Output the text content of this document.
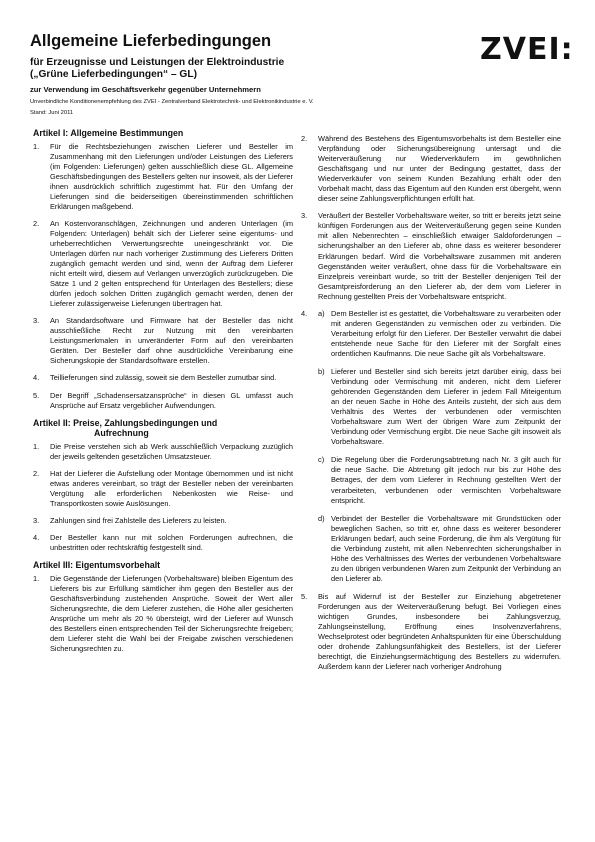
Allgemeine Lieferbedingungen

für Erzeugnisse und Leistungen der Elektroindustrie

(„Grüne Lieferbedingungen“ – GL)

zur Verwendung im Geschäftsverkehr gegenüber Unternehmern

Unverbindliche Konditionenempfehlung des ZVEI - Zentralverband Elektrotechnik- und Elektronikindustrie e. V.

Stand: Juni 2011

ZVEI:

Artikel I: Allgemeine Bestimmungen

1.	Für die Rechtsbeziehungen zwischen Lieferer und Besteller im Zusammenhang mit den Lieferungen und/oder Leistungen des Lieferers (im Folgenden: Lieferungen) gelten ausschließlich diese GL. Allgemeine Geschäftsbedingungen des Bestellers gelten nur insoweit, als der Lieferer ihnen ausdrücklich schriftlich zugestimmt hat. Für den Umfang der Lieferungen sind die beiderseitigen übereinstimmenden schriftlichen Erklärungen maßgebend.
2.	An Kostenvoranschlägen, Zeichnungen und anderen Unterlagen (im Folgenden: Unterlagen) behält sich der Lieferer seine eigentums- und urheberrechtlichen Verwertungsrechte uneingeschränkt vor. Die Unterlagen dürfen nur nach vorheriger Zustimmung des Lieferers Dritten zugänglich gemacht werden und sind, wenn der Auftrag dem Lieferer nicht erteilt wird, diesem auf Verlangen unverzüglich zurückzugeben. Die Sätze 1 und 2 gelten entsprechend für Unterlagen des Bestellers; diese dürfen jedoch solchen Dritten zugänglich gemacht werden, denen der Lieferer zulässigerweise Lieferungen übertragen hat.
3.	An Standardsoftware und Firmware hat der Besteller das nicht ausschließliche Recht zur Nutzung mit den vereinbarten Leistungsmerkmalen in unveränderter Form auf den vereinbarten Geräten. Der Besteller darf ohne ausdrückliche Vereinbarung eine Sicherungskopie der Standardsoftware erstellen.
4.	Teillieferungen sind zulässig, soweit sie dem Besteller zumutbar sind.
5.	Der Begriff „Schadensersatzansprüche“ in diesen GL umfasst auch Ansprüche auf Ersatz vergeblicher Aufwendungen.

Artikel II: Preise, Zahlungsbedingungen und
Aufrechnung

1.	Die Preise verstehen sich ab Werk ausschließlich Verpackung zuzüglich der jeweils geltenden gesetzlichen Umsatzsteuer.
2.	Hat der Lieferer die Aufstellung oder Montage übernommen und ist nicht etwas anderes vereinbart, so trägt der Besteller neben der vereinbarten Vergütung alle erforderlichen Nebenkosten wie Reise- und Transportkosten sowie Auslösungen.
3.	Zahlungen sind frei Zahlstelle des Lieferers zu leisten.
4.	Der Besteller kann nur mit solchen Forderungen aufrechnen, die unbestritten oder rechtskräftig festgestellt sind.

Artikel III: Eigentumsvorbehalt

1.	Die Gegenstände der Lieferungen (Vorbehaltsware) bleiben Eigentum des Lieferers bis zur Erfüllung sämtlicher ihm gegen den Besteller aus der Geschäftsverbindung zustehenden Ansprüche. Soweit der Wert aller Sicherungsrechte, die dem Lieferer zustehen, die Höhe aller gesicherten Ansprüche um mehr als 20 % übersteigt, wird der Lieferer auf Wunsch des Bestellers einen entsprechenden Teil der Sicherungsrechte freigeben; dem Lieferer steht die Wahl bei der Freigabe zwischen verschiedenen Sicherungsrechten zu.
2.	Während des Bestehens des Eigentumsvorbehalts ist dem Besteller eine Verpfändung oder Sicherungsübereignung untersagt und die Weiterveräußerung nur Wiederverkäufern im gewöhnlichen Geschäftsgang und nur unter der Bedingung gestattet, dass der Wiederverkäufer von seinem Kunden Bezahlung erhält oder den Vorbehalt macht, dass das Eigentum auf den Kunden erst übergeht, wenn dieser seine Zahlungsverpflichtungen erfüllt hat.
3.	Veräußert der Besteller Vorbehaltsware weiter, so tritt er bereits jetzt seine künftigen Forderungen aus der Weiterveräußerung gegen seine Kunden mit allen Nebenrechten – einschließlich etwaiger Saldoforderungen – sicherungshalber an den Lieferer ab, ohne dass es weiterer besonderer Erklärungen bedarf. Wird die Vorbehaltsware zusammen mit anderen Gegenständen weiter veräußert, ohne dass für die Vorbehaltsware ein Einzelpreis vereinbart wurde, so tritt der Besteller denjenigen Teil der Gesamtpreisforderung an den Lieferer ab, der dem vom Lieferer in Rechnung gestellten Preis der Vorbehaltsware entspricht.
4.	a) Dem Besteller ist es gestattet, die Vorbehaltsware zu verarbeiten oder mit anderen Gegenständen zu vermischen oder zu verbinden. Die Verarbeitung erfolgt für den Lieferer. Der Besteller verwahrt die dabei entstehende neue Sache für den Lieferer mit der Sorgfalt eines ordentlichen Kaufmanns. Die neue Sache gilt als Vorbehaltsware.
b) Lieferer und Besteller sind sich bereits jetzt darüber einig, dass bei Verbindung oder Vermischung mit anderen, nicht dem Lieferer gehörenden Gegenständen dem Lieferer in jedem Fall Miteigentum an der neuen Sache in Höhe des Anteils zusteht, der sich aus dem Verhältnis des Wertes der verbundenen oder vermischten Vorbehaltsware zum Wert der übrigen Ware zum Zeitpunkt der Verbindung oder Vermischung ergibt. Die neue Sache gilt insoweit als Vorbehaltsware.
c) Die Regelung über die Forderungsabtretung nach Nr. 3 gilt auch für die neue Sache. Die Abtretung gilt jedoch nur bis zur Höhe des Betrages, der dem vom Lieferer in Rechnung gestellten Wert der verarbeiteten, verbundenen oder vermischten Vorbehaltsware entspricht.
d) Verbindet der Besteller die Vorbehaltsware mit Grundstücken oder beweglichen Sachen, so tritt er, ohne dass es weiterer besonderer Erklärungen bedarf, auch seine Forderung, die ihm als Vergütung für die Verbindung zusteht, mit allen Nebenrechten sicherungshalber in Höhe des Verhältnisses des Wertes der verbundenen Vorbehaltsware zu den übrigen verbundenen Waren zum Zeitpunkt der Verbindung an den Lieferer ab.
5.	Bis auf Widerruf ist der Besteller zur Einziehung abgetretener Forderungen aus der Weiterveräußerung befugt. Bei Vorliegen eines wichtigen Grundes, insbesondere bei Zahlungsverzug, Zahlungseinstellung, Eröffnung eines Insolvenzverfahrens, Wechselprotest oder begründeten Anhaltspunkten für eine Überschuldung oder drohende Zahlungsunfähigkeit des Bestellers, ist der Lieferer berechtigt, die Einziehungsermächtigung des Bestellers zu widerrufen. Außerdem kann der Lieferer nach vorheriger Androhung
